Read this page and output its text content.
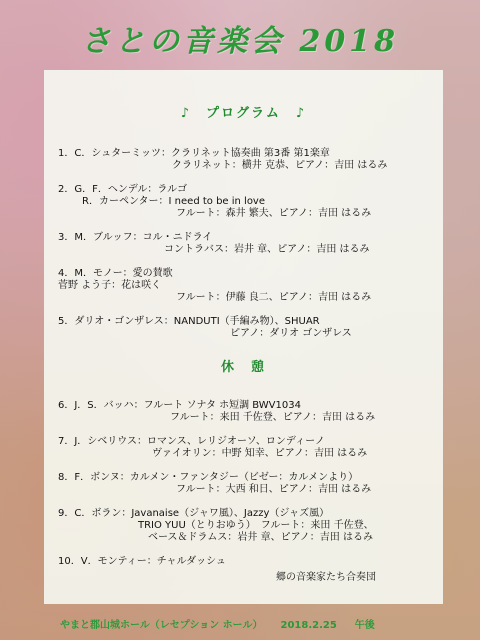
さとの音楽会 2018
♪　プログラム　♪
1．C．シュターミッツ：クラリネット協奏曲 第3番 第1楽章
クラリネット：横井 克恭、ピアノ：吉田 はるみ
2．G．F．ヘンデル：ラルゴ
R．カーペンター：I need to be in love
フルート：森井 繁夫、ピアノ：吉田 はるみ
3．M．ブルッフ：コル・ニドライ
コントラバス：岩井 章、ピアノ：吉田 はるみ
4．M．モノー：愛の賛歌
菅野 よう子：花は咲く
フルート：伊藤 良二、ピアノ：吉田 はるみ
5．ダリオ・ゴンザレス：NANDUTI（手編み物）、SHUAR
ピアノ：ダリオ ゴンザレス
休　憩
6．J．S．バッハ：フルート ソナタ ホ短調 BWV1034
フルート：来田 千佐登、ピアノ：吉田 はるみ
7．J．シベリウス：ロマンス、レリジオーソ、ロンディーノ
ヴァイオリン：中野 知幸、ピアノ：吉田 はるみ
8．F．ボンヌ：カルメン・ファンタジー（ビゼー：カルメンより）
フルート：大西 和日、ピアノ：吉田 はるみ
9．C．ボラン：Javanaise（ジャワ風）、Jazzy（ジャズ風）
TRIO YUU（とりおゆう）　フルート：来田 千佐登、
ベース＆ドラムス：岩井 章、ピアノ：吉田 はるみ
10．V．モンティー：チャルダッシュ
郷の音楽家たち合奏団
やまと郡山城ホール（レセプション ホール） 2018.2.25 午後
